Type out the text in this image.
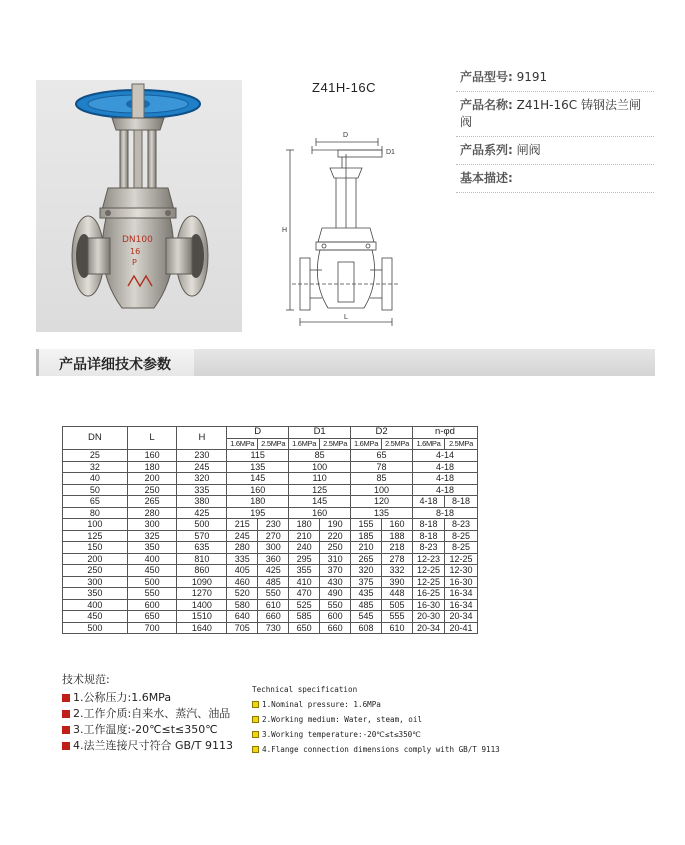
DN100
16
P
Z41H-16C
D
D1
H
L
产品型号: 9191
产品名称: Z41H-16C 铸钢法兰闸阀
产品系列: 闸阀
基本描述:
产品详细技术参数
DN	L	H	D		D1		D2		n-φd	
			1.6MPa	2.5MPa	1.6MPa	2.5MPa	1.6MPa	2.5MPa	1.6MPa	2.5MPa
25	160	230	115		85		65		4-14	
32	180	245	135		100		78		4-18	
40	200	320	145		110		85		4-18	
50	250	335	160		125		100		4-18	
65	265	380	180		145		120		4-18	8-18
80	280	425	195		160		135		8-18	
100	300	500	215	230	180	190	155	160	8-18	8-23
125	325	570	245	270	210	220	185	188	8-18	8-25
150	350	635	280	300	240	250	210	218	8-23	8-25
200	400	810	335	360	295	310	265	278	12-23	12-25
250	450	860	405	425	355	370	320	332	12-25	12-30
300	500	1090	460	485	410	430	375	390	12-25	16-30
350	550	1270	520	550	470	490	435	448	16-25	16-34
400	600	1400	580	610	525	550	485	505	16-30	16-34
450	650	1510	640	660	585	600	545	555	20-30	20-34
500	700	1640	705	730	650	660	608	610	20-34	20-41
技术规范:
1.公称压力:1.6MPa
2.工作介质:自来水、蒸汽、油品
3.工作温度:-20℃≤t≤350℃
4.法兰连接尺寸符合 GB/T 9113
Technical specification
1.Nominal pressure: 1.6MPa
2.Working medium: Water, steam, oil
3.Working temperature:-20℃≤t≤350℃
4.Flange connection dimensions comply with GB/T 9113
